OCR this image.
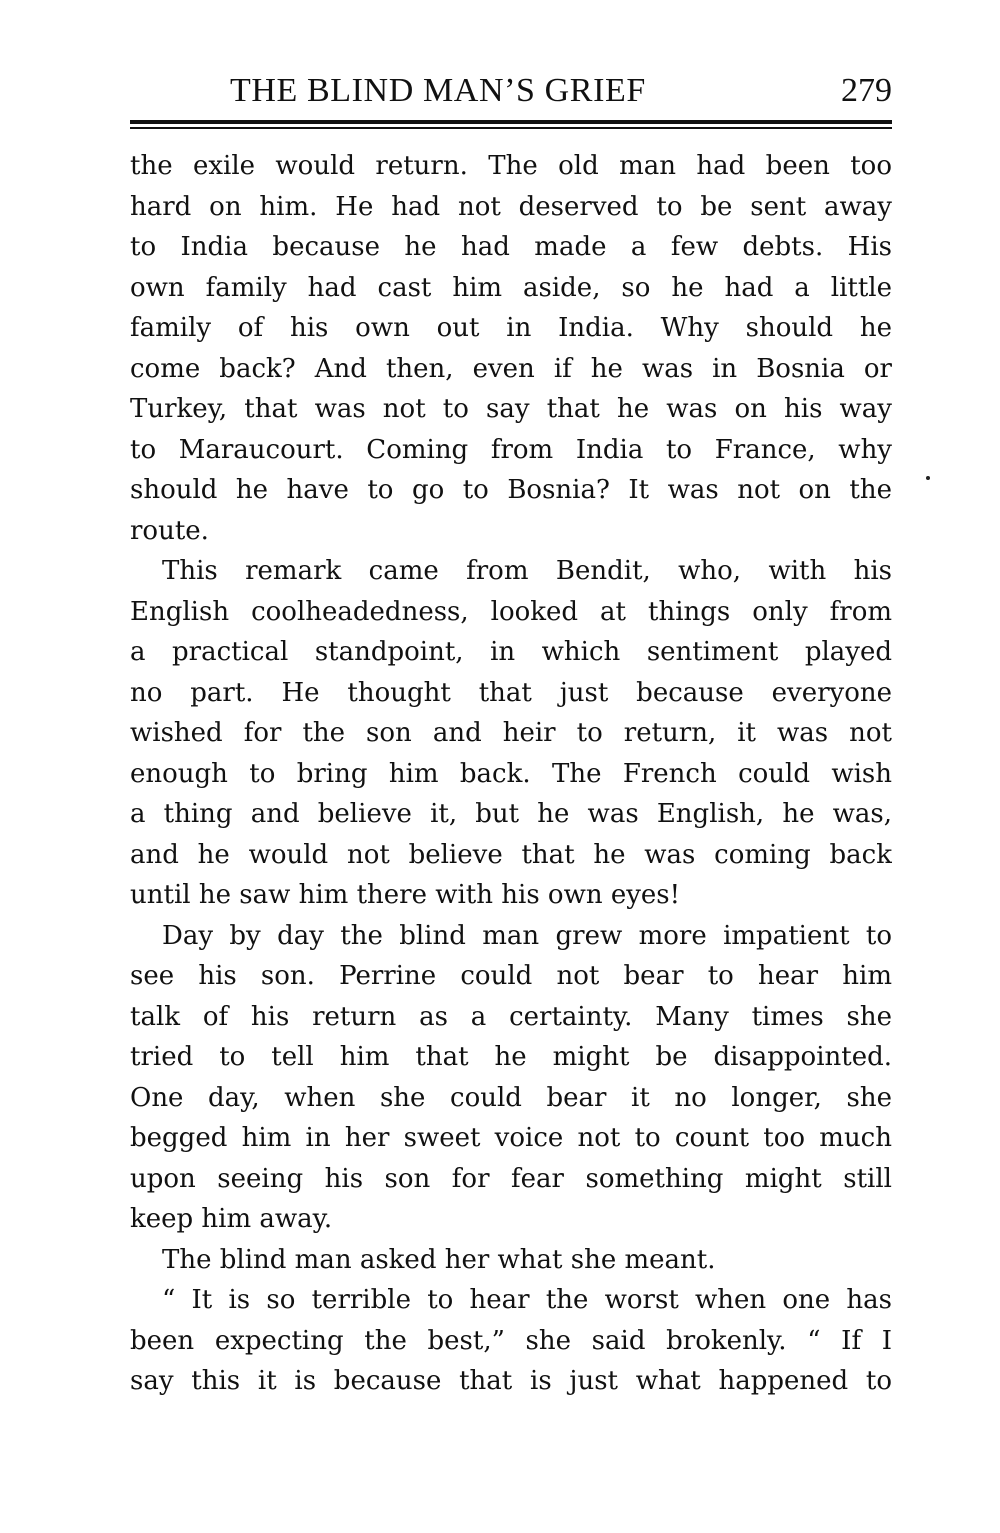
THE BLIND MAN’S GRIEF	279
the exile would return. The old man had been too
hard on him. He had not deserved to be sent away
to India because he had made a few debts. His
own family had cast him aside, so he had a little
family of his own out in India. Why should he
come back? And then, even if he was in Bosnia or
Turkey, that was not to say that he was on his way
to Maraucourt. Coming from India to France, why
should he have to go to Bosnia? It was not on the
route.
This remark came from Bendit, who, with his
English coolheadedness, looked at things only from
a practical standpoint, in which sentiment played
no part. He thought that just because everyone
wished for the son and heir to return, it was not
enough to bring him back. The French could wish
a thing and believe it, but he was English, he was,
and he would not believe that he was coming back
until he saw him there with his own eyes!
Day by day the blind man grew more impatient to
see his son. Perrine could not bear to hear him
talk of his return as a certainty. Many times she
tried to tell him that he might be disappointed.
One day, when she could bear it no longer, she
begged him in her sweet voice not to count too much
upon seeing his son for fear something might still
keep him away.
The blind man asked her what she meant.
“ It is so terrible to hear the worst when one has
been expecting the best,” she said brokenly. “ If I
say this it is because that is just what happened to
